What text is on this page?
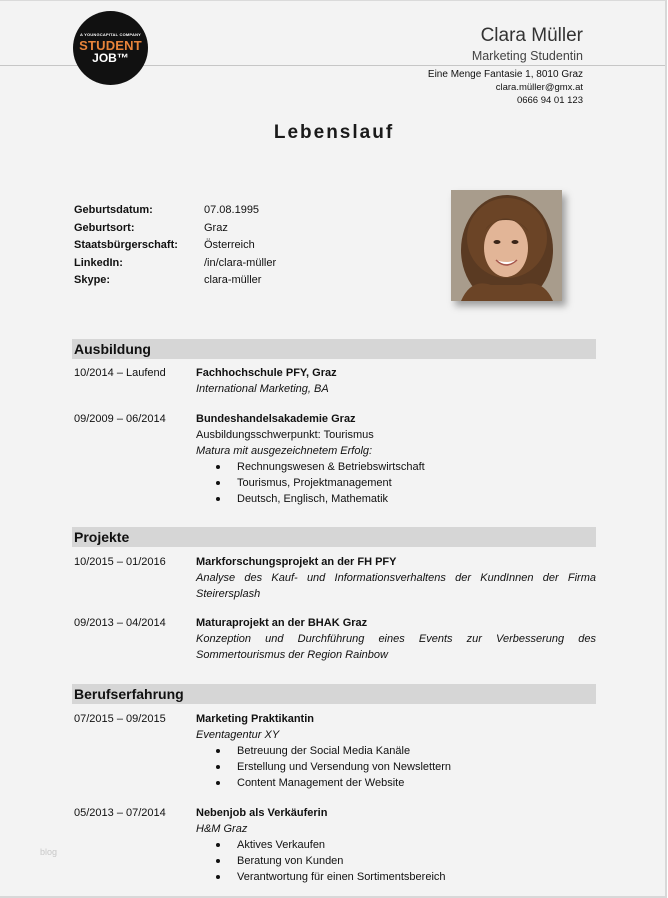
A YOUNGCAPITAL COMPANY
STUDENT
JOB™
Clara Müller
Marketing Studentin
Eine Menge Fantasie 1, 8010 Graz
clara.müller@gmx.at
0666 94 01 123
Lebenslauf
Geburtsdatum:	07.08.1995
Geburtsort:	Graz
Staatsbürgerschaft:	Österreich
LinkedIn:	/in/clara-müller
Skype:	clara-müller
Ausbildung
10/2014 – Laufend	Fachhochschule PFY, Graz
International Marketing, BA
09/2009 – 06/2014	Bundeshandelsakademie Graz
Ausbildungsschwerpunkt: Tourismus
Matura mit ausgezeichnetem Erfolg:
Rechnungswesen & Betriebswirtschaft
Tourismus, Projektmanagement
Deutsch, Englisch, Mathematik
Projekte
10/2015 – 01/2016	Markforschungsprojekt an der FH PFY
Analyse des Kauf- und Informationsverhaltens der KundInnen der Firma Steirersplash
09/2013 – 04/2014	Maturaprojekt an der BHAK Graz
Konzeption und Durchführung eines Events zur Verbesserung des Sommertourismus der Region Rainbow
Berufserfahrung
07/2015 – 09/2015	Marketing Praktikantin
Eventagentur XY
Betreuung der Social Media Kanäle
Erstellung und Versendung von Newslettern
Content Management der Website
05/2013 – 07/2014	Nebenjob als Verkäuferin
H&M Graz
Aktives Verkaufen
Beratung von Kunden
Verantwortung für einen Sortimentsbereich
blog
